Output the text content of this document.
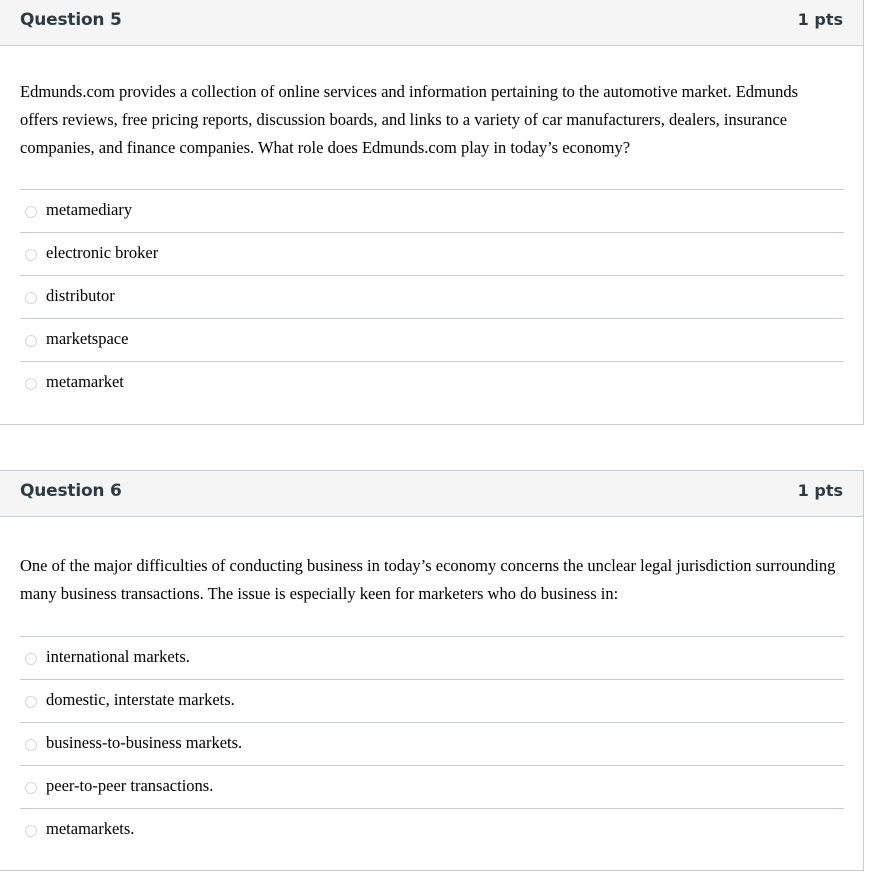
Question 5	1 pts
Edmunds.com provides a collection of online services and information pertaining to the automotive market. Edmunds offers reviews, free pricing reports, discussion boards, and links to a variety of car manufacturers, dealers, insurance companies, and finance companies. What role does Edmunds.com play in today’s economy?
metamediary
electronic broker
distributor
marketspace
metamarket
Question 6	1 pts
One of the major difficulties of conducting business in today’s economy concerns the unclear legal jurisdiction surrounding many business transactions. The issue is especially keen for marketers who do business in:
international markets.
domestic, interstate markets.
business-to-business markets.
peer-to-peer transactions.
metamarkets.
